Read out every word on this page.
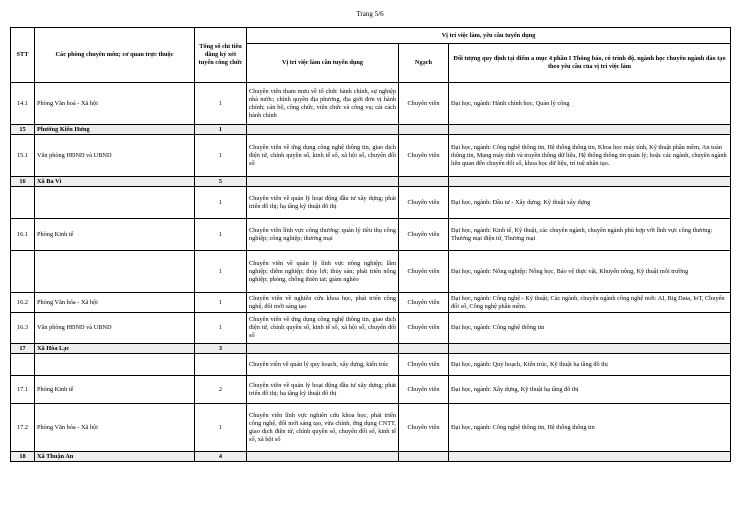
Trang 5/6
STT	Các phòng chuyên môn; cơ quan trực thuộc	Tổng số chỉ tiêu đăng ký xét tuyển công chức	Vị trí việc làm, yêu cầu tuyển dụng		
			Vị trí việc làm cần tuyển dụng	Ngạch	Đối tượng quy định tại điểm a mục 4 phần I Thông báo, có trình độ, ngành học chuyên ngành đào tạo theo yêu cầu của vị trí việc làm
14.1	Phòng Văn hoá - Xã hội	1	Chuyên viên tham mưu về tổ chức hành chính, sự nghiệp nhà nước; chính quyền địa phương, địa giới đơn vị hành chính; cán bộ, công chức, viên chức và công vụ; cải cách hành chính	Chuyên viên	Đại học, ngành: Hành chính học, Quản lý công
15	Phường Kiến Hưng	1			
15.1	Văn phòng HĐND và UBND	1	Chuyên viên về ứng dụng công nghệ thông tin, giao dịch điện tử, chính quyền số, kinh tế số, xã hội số, chuyển đổi số	Chuyên viên	Đại học, ngành: Công nghệ thông tin, Hệ thống thông tin, Khoa học máy tính, Kỹ thuật phần mềm, An toàn thông tin, Mạng máy tính và truyền thông dữ liệu, Hệ thống thông tin quản lý; hoặc các ngành, chuyên ngành liên quan đến chuyển đổi số, khoa học dữ liệu, trí tuệ nhân tạo.
16	Xã Ba Vì	5			
		1	Chuyên viên về quản lý hoạt động đầu tư xây dựng; phát triển đô thị; hạ tầng kỹ thuật đô thị	Chuyên viên	Đại học, ngành: Đầu tư - Xây dựng; Kỹ thuật xây dựng
16.1	Phòng Kinh tế	1	Chuyên viên lĩnh vực công thương: quản lý tiêu thụ công nghiệp; công nghiệp; thương mại	Chuyên viên	Đại học, ngành: Kinh tế, Kỹ thuật, các chuyên ngành, chuyên ngành phù hợp với lĩnh vực công thương: Thương mại điện tử, Thương mại
		1	Chuyên viên về quản lý lĩnh vực nông nghiệp; lâm nghiệp; diêm nghiệp; thủy lợi; thủy sản; phát triển nông nghiệp; phòng, chống thiên tai; giảm nghèo	Chuyên viên	Đại học, ngành: Nông nghiệp: Nông học, Bảo vệ thực vật, Khuyến nông, Kỹ thuật môi trường
16.2	Phòng Văn hóa - Xã hội	1	Chuyên viên về nghiên cứu khoa học, phát triển công nghệ, đổi mới sáng tạo	Chuyên viên	Đại học, ngành: Công nghệ - Kỹ thuật; Các ngành, chuyên ngành công nghệ mới: AI, Big Data, IoT, Chuyển đổi số, Công nghệ phần mềm.
16.3	Văn phòng HĐND và UBND	1	Chuyên viên về ứng dụng công nghệ thông tin, giao dịch điện tử, chính quyền số, kinh tế số, xã hội số, chuyển đổi số	Chuyên viên	Đại học, ngành: Công nghệ thông tin
17	Xã Hòa Lạc	3			
			Chuyên viên về quản lý quy hoạch, xây dựng, kiến trúc	Chuyên viên	Đại học, ngành: Quy hoạch, Kiến trúc, Kỹ thuật hạ tầng đô thị
17.1	Phòng Kinh tế	2	Chuyên viên về quản lý hoạt động đầu tư xây dựng; phát triển đô thị; hạ tầng kỹ thuật đô thị	Chuyên viên	Đại học, ngành: Xây dựng, Kỹ thuật hạ tầng đô thị
17.2	Phòng Văn hóa - Xã hội	1	Chuyên viên lĩnh vực nghiên cứu khoa học, phát triển công nghệ, đổi mới sáng tạo, vừa chính, ứng dụng CNTT, giao dịch điện tử, chính quyền số, chuyển đổi số, kinh tế số, xã hội số	Chuyên viên	Đại học, ngành: Công nghệ thông tin, Hệ thống thông tin
18	Xã Thuận An	4			
